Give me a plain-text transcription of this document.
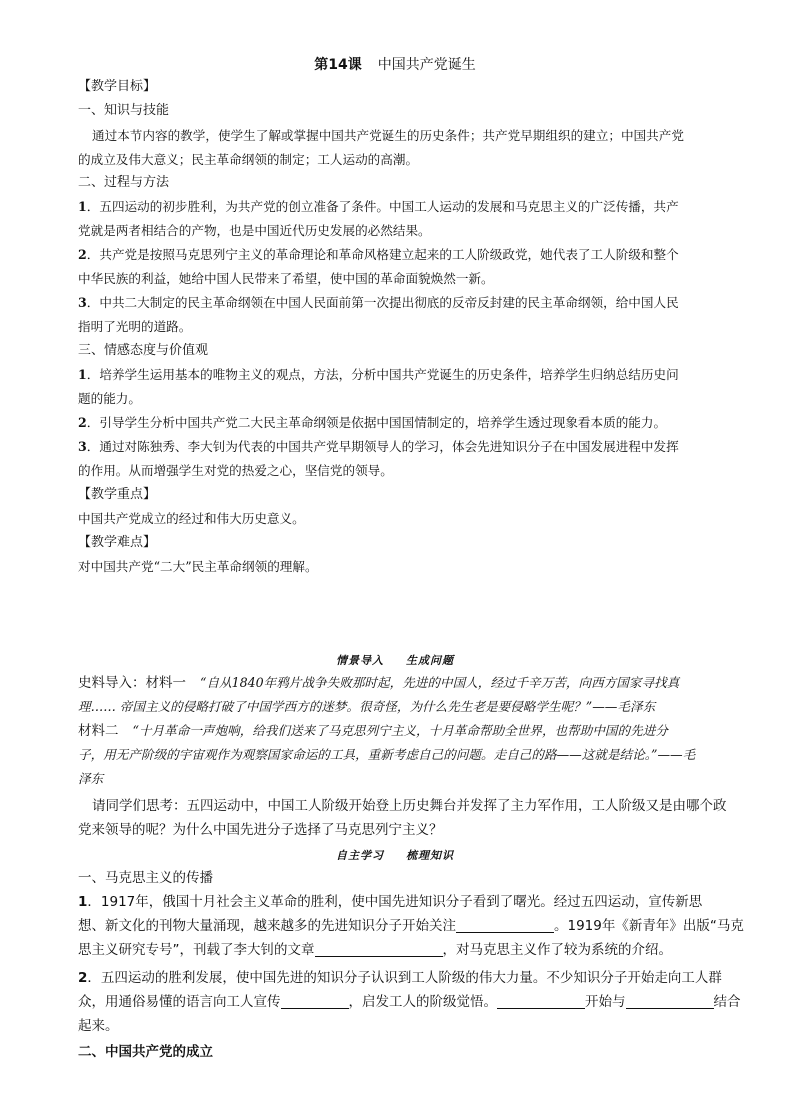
第14课 中国共产党诞生
【教学目标】
一、知识与技能
通过本节内容的教学，使学生了解或掌握中国共产党诞生的历史条件；共产党早期组织的建立；中国共产党
的成立及伟大意义；民主革命纲领的制定；工人运动的高潮。
二、过程与方法
1．五四运动的初步胜利，为共产党的创立准备了条件。中国工人运动的发展和马克思主义的广泛传播，共产
党就是两者相结合的产物，也是中国近代历史发展的必然结果。
2．共产党是按照马克思列宁主义的革命理论和革命风格建立起来的工人阶级政党，她代表了工人阶级和整个
中华民族的利益，她给中国人民带来了希望，使中国的革命面貌焕然一新。
3．中共二大制定的民主革命纲领在中国人民面前第一次提出彻底的反帝反封建的民主革命纲领，给中国人民
指明了光明的道路。
三、情感态度与价值观
1．培养学生运用基本的唯物主义的观点，方法，分析中国共产党诞生的历史条件，培养学生归纳总结历史问
题的能力。
2．引导学生分析中国共产党二大民主革命纲领是依据中国国情制定的，培养学生透过现象看本质的能力。
3．通过对陈独秀、李大钊为代表的中国共产党早期领导人的学习，体会先进知识分子在中国发展进程中发挥
的作用。从而增强学生对党的热爱之心，坚信党的领导。
【教学重点】
中国共产党成立的经过和伟大历史意义。
【教学难点】
对中国共产党“二大”民主革命纲领的理解。
情景导入 生成问题
史料导入：材料一 “自从1840年鸦片战争失败那时起，先进的中国人，经过千辛万苦，向西方国家寻找真
理…… 帝国主义的侵略打破了中国学西方的迷梦。很奇怪，为什么先生老是要侵略学生呢？”——毛泽东
材料二 “十月革命一声炮响，给我们送来了马克思列宁主义，十月革命帮助全世界，也帮助中国的先进分
子，用无产阶级的宇宙观作为观察国家命运的工具，重新考虑自己的问题。走自己的路——这就是结论。”——毛
泽东
请同学们思考：五四运动中，中国工人阶级开始登上历史舞台并发挥了主力军作用，工人阶级又是由哪个政
党来领导的呢？为什么中国先进分子选择了马克思列宁主义？
自主学习 梳理知识
一、马克思主义的传播
1．1917年，俄国十月社会主义革命的胜利，使中国先进知识分子看到了曙光。经过五四运动，宣传新思
想、新文化的刊物大量涌现，越来越多的先进知识分子开始关注	。1919年《新青年》出版“马克
思主义研究专号”，刊载了李大钊的文章	，对马克思主义作了较为系统的介绍。
2．五四运动的胜利发展，使中国先进的知识分子认识到工人阶级的伟大力量。不少知识分子开始走向工人群
众，用通俗易懂的语言向工人宣传	，启发工人的阶级觉悟。	开始与	结合
起来。
二、中国共产党的成立
